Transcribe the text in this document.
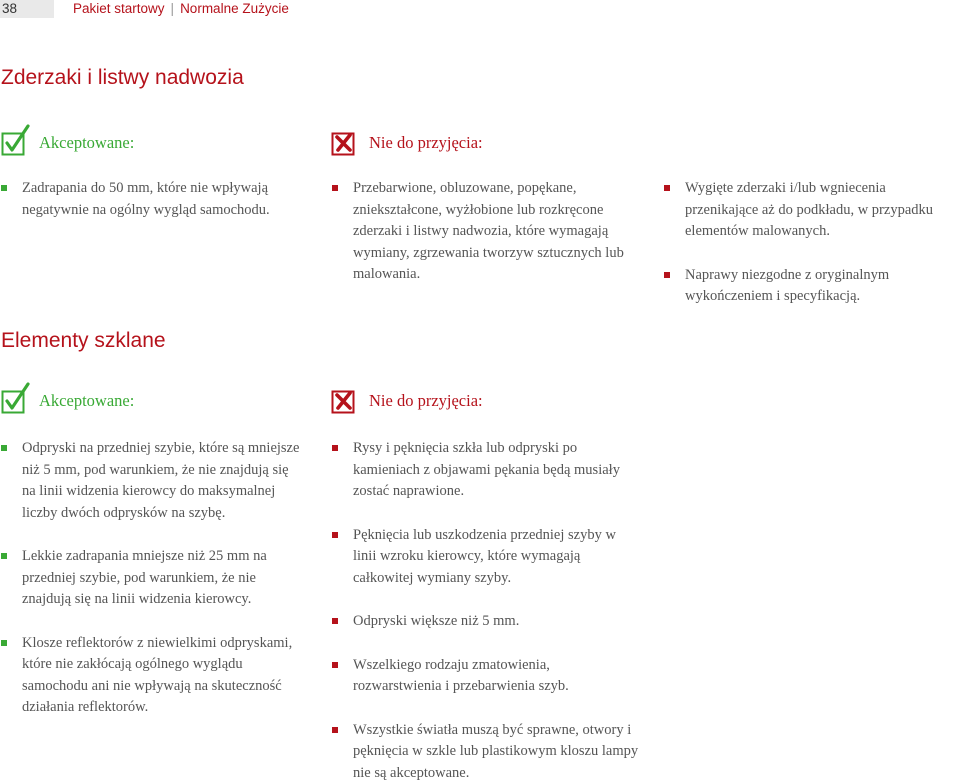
38	Pakiet startowy | Normalne Zużycie
Zderzaki i listwy nadwozia
Akceptowane:	Nie do przyjęcia:
Zadrapania do 50 mm, które nie wpływają negatywnie na ogólny wygląd samochodu.
Przebarwione, obluzowane, popękane, zniekształcone, wyżłobione lub rozkręcone zderzaki i listwy nadwozia, które wymagają wymiany, zgrzewania tworzyw sztucznych lub malowania.
Wygięte zderzaki i/lub wgniecenia przenikające aż do podkładu, w przypadku elementów malowanych.
Naprawy niezgodne z oryginalnym wykończeniem i specyfikacją.
Elementy szklane
Akceptowane:	Nie do przyjęcia:
Odpryski na przedniej szybie, które są mniejsze niż 5 mm, pod warunkiem, że nie znajdują się na linii widzenia kierowcy do maksymalnej liczby dwóch odprysków na szybę.
Lekkie zadrapania mniejsze niż 25 mm na przedniej szybie, pod warunkiem, że nie znajdują się na linii widzenia kierowcy.
Klosze reflektorów z niewielkimi odpryskami, które nie zakłócają ogólnego wyglądu samochodu ani nie wpływają na skuteczność działania reflektorów.
Rysy i pęknięcia szkła lub odpryski po kamieniach z objawami pękania będą musiały zostać naprawione.
Pęknięcia lub uszkodzenia przedniej szyby w linii wzroku kierowcy, które wymagają całkowitej wymiany szyby.
Odpryski większe niż 5 mm.
Wszelkiego rodzaju zmatowienia, rozwarstwienia i przebarwienia szyb.
Wszystkie światła muszą być sprawne, otwory i pęknięcia w szkle lub plastikowym kloszu lampy nie są akceptowane.
